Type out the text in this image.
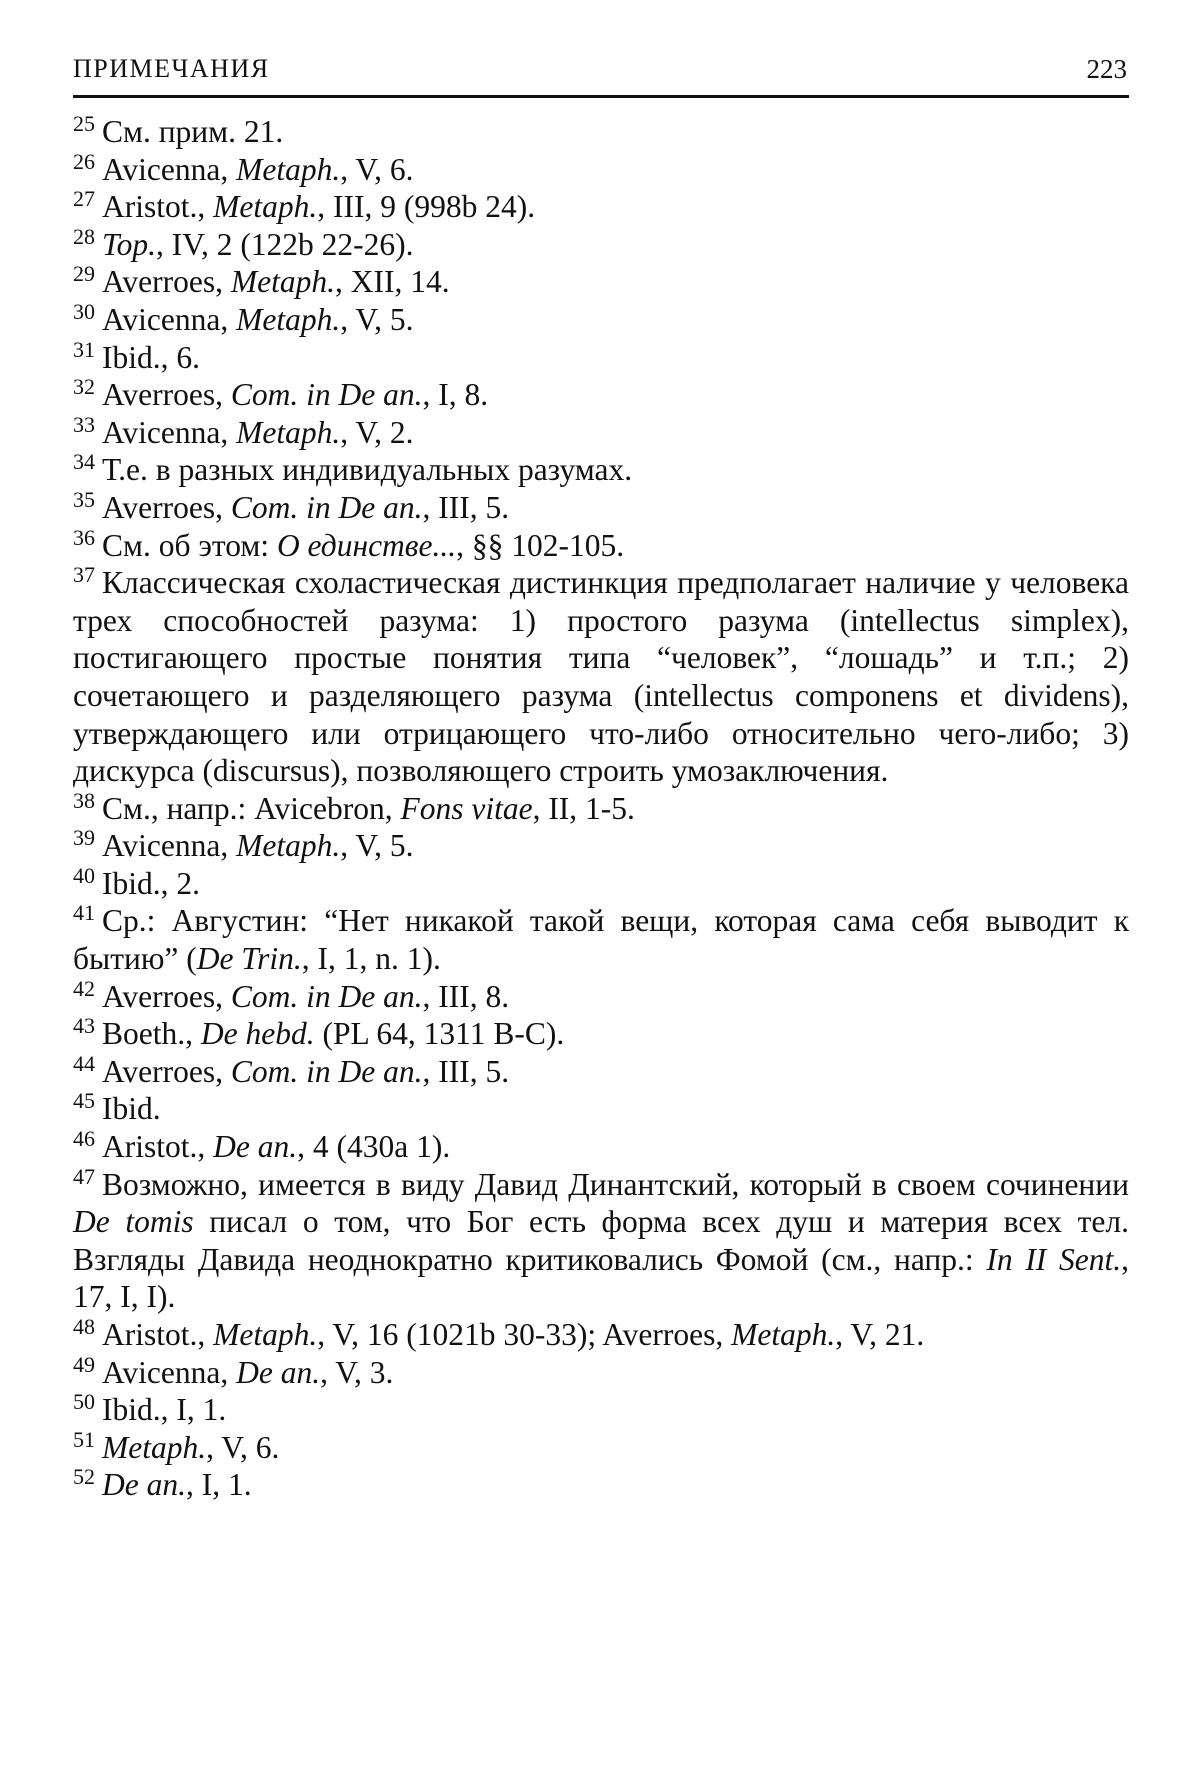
ПРИМЕЧАНИЯ	223

$^{25}$ См. прим. 21.

$^{26}$ Avicenna, Metaph., V, 6.

$^{27}$ Aristot., Metaph., III, 9 (998b 24).

$^{28}$ Top., IV, 2 (122b 22-26).

$^{29}$ Averroes, Metaph., XII, 14.

$^{30}$ Avicenna, Metaph., V, 5.

$^{31}$ Ibid., 6.

$^{32}$ Averroes, Com. in De an., I, 8.

$^{33}$ Avicenna, Metaph., V, 2.

$^{34}$ Т.е. в разных индивидуальных разумах.

$^{35}$ Averroes, Com. in De an., III, 5.

$^{36}$ См. об этом: О единстве..., §§ 102-105.

$^{37}$ Классическая схоластическая дистинкция предполагает наличие у человека трех способностей разума: 1) простого разума (intellectus simplex), постигающего простые понятия типа “человек”, “лошадь” и т.п.; 2) сочетающего и разделяющего разума (intellectus componens et dividens), утверждающего или отрицающего что-либо относительно чего-либо; 3) дискурса (discursus), позволяющего строить умозаключения.

$^{38}$ См., напр.: Avicebron, Fons vitae, II, 1-5.

$^{39}$ Avicenna, Metaph., V, 5.

$^{40}$ Ibid., 2.

$^{41}$ Ср.: Августин: “Нет никакой такой вещи, которая сама себя выводит к бытию” (De Trin., I, 1, n. 1).

$^{42}$ Averroes, Com. in De an., III, 8.

$^{43}$ Boeth., De hebd. (PL 64, 1311 B-C).

$^{44}$ Averroes, Com. in De an., III, 5.

$^{45}$ Ibid.

$^{46}$ Aristot., De an., 4 (430a 1).

$^{47}$ Возможно, имеется в виду Давид Динантский, который в своем сочинении De tomis писал о том, что Бог есть форма всех душ и материя всех тел. Взгляды Давида неоднократно критиковались Фомой (см., напр.: In II Sent., 17, I, I).

$^{48}$ Aristot., Metaph., V, 16 (1021b 30-33); Averroes, Metaph., V, 21.

$^{49}$ Avicenna, De an., V, 3.

$^{50}$ Ibid., I, 1.

$^{51}$ Metaph., V, 6.

$^{52}$ De an., I, 1.
